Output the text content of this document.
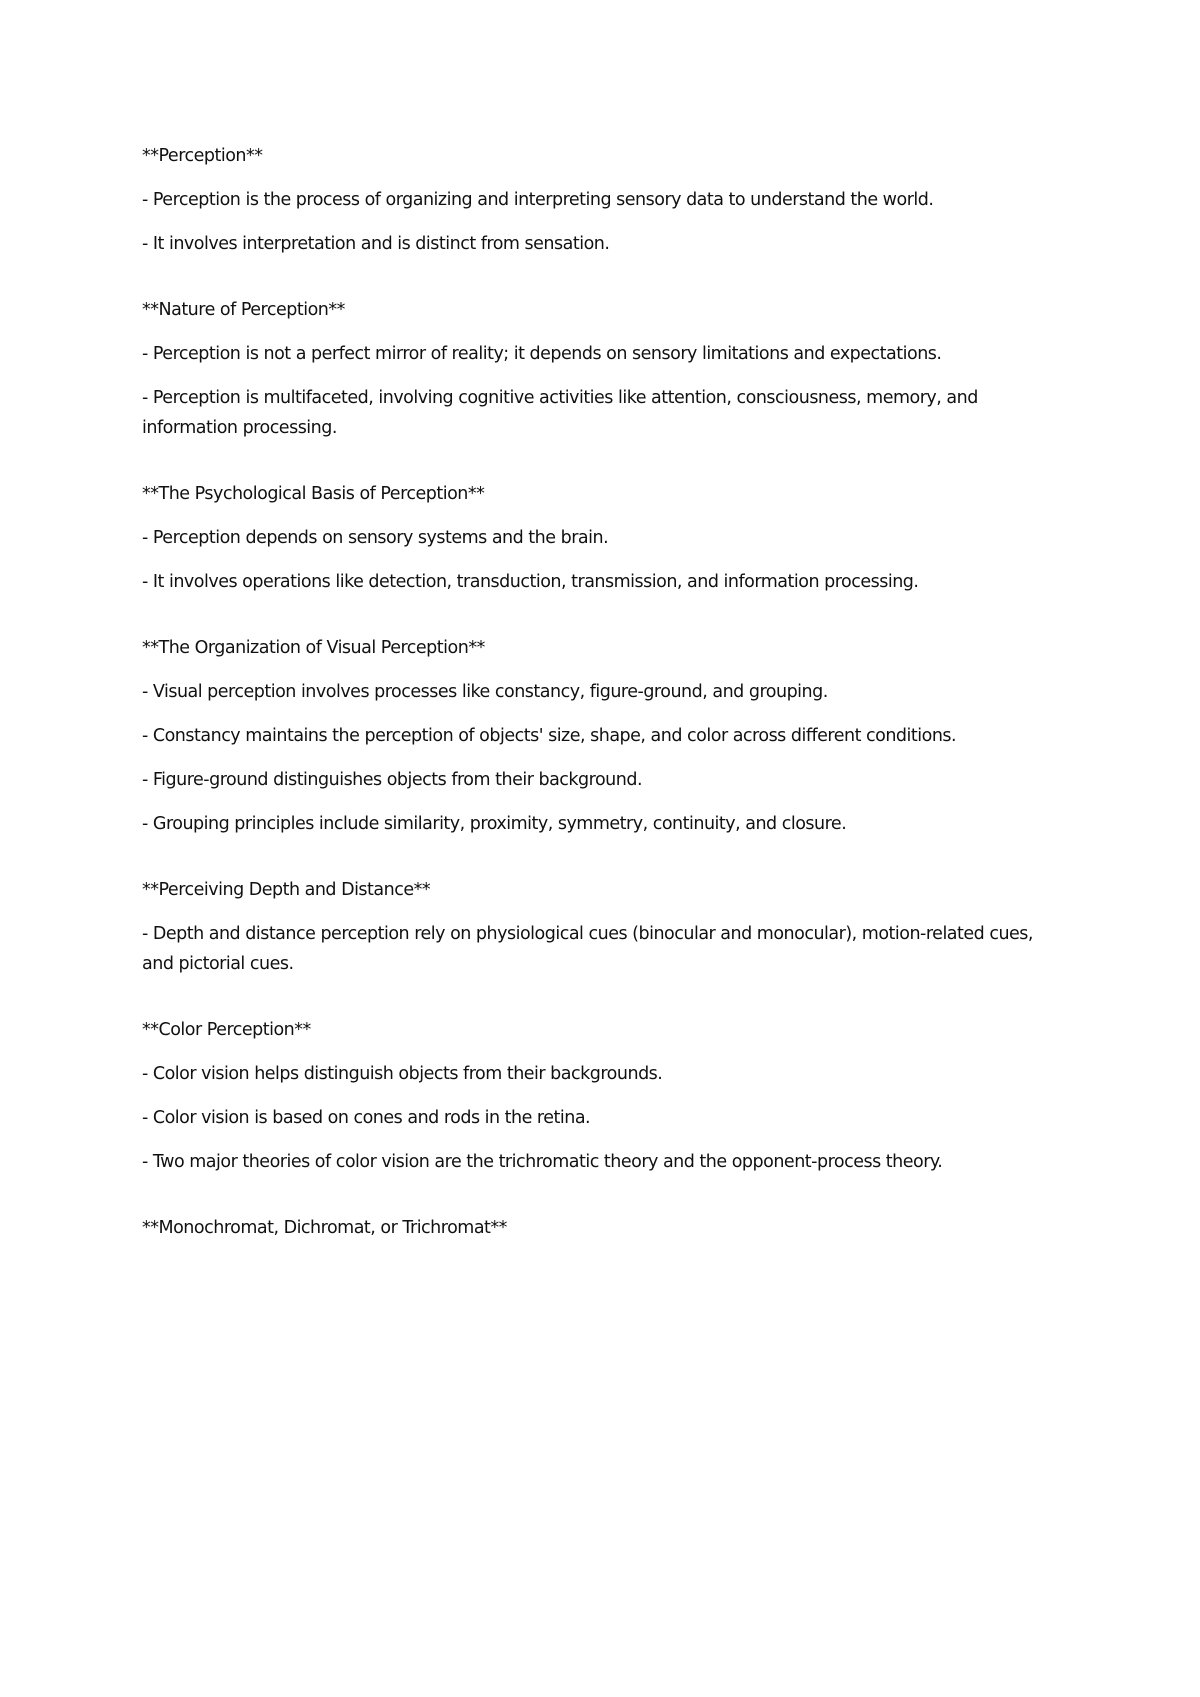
**Perception**
- Perception is the process of organizing and interpreting sensory data to understand the world.
- It involves interpretation and is distinct from sensation.
**Nature of Perception**
- Perception is not a perfect mirror of reality; it depends on sensory limitations and expectations.
- Perception is multifaceted, involving cognitive activities like attention, consciousness, memory, and information processing.
**The Psychological Basis of Perception**
- Perception depends on sensory systems and the brain.
- It involves operations like detection, transduction, transmission, and information processing.
**The Organization of Visual Perception**
- Visual perception involves processes like constancy, figure-ground, and grouping.
- Constancy maintains the perception of objects' size, shape, and color across different conditions.
- Figure-ground distinguishes objects from their background.
- Grouping principles include similarity, proximity, symmetry, continuity, and closure.
**Perceiving Depth and Distance**
- Depth and distance perception rely on physiological cues (binocular and monocular), motion-related cues, and pictorial cues.
**Color Perception**
- Color vision helps distinguish objects from their backgrounds.
- Color vision is based on cones and rods in the retina.
- Two major theories of color vision are the trichromatic theory and the opponent-process theory.
**Monochromat, Dichromat, or Trichromat**
